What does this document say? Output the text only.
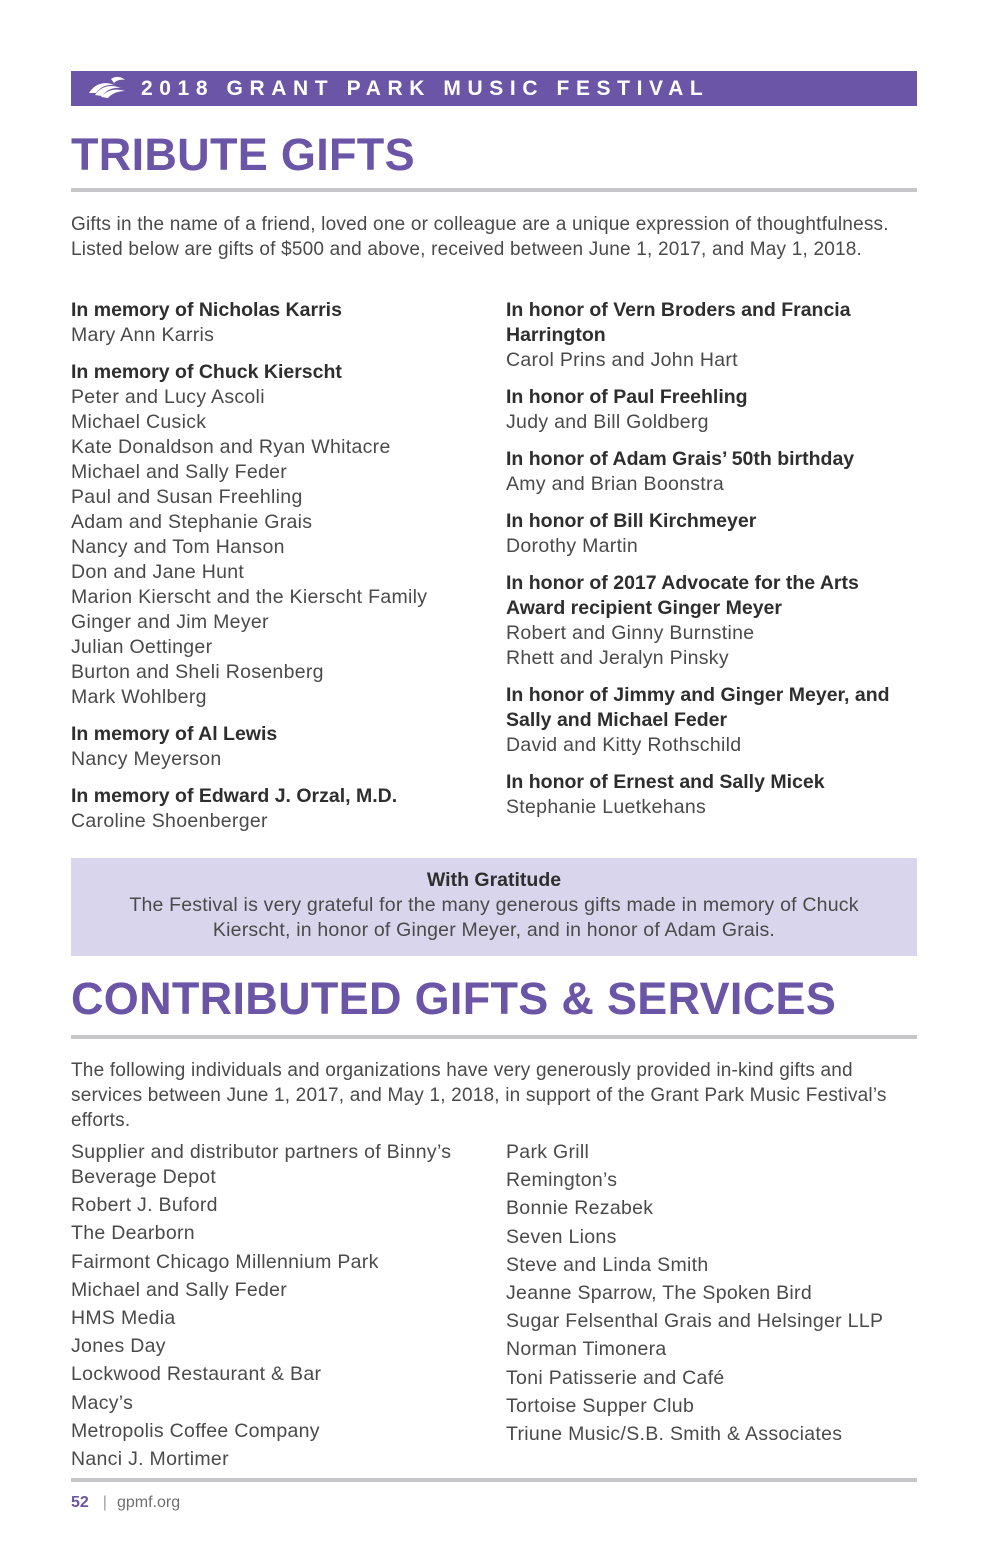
2018 GRANT PARK MUSIC FESTIVAL
TRIBUTE GIFTS
Gifts in the name of a friend, loved one or colleague are a unique expression of thoughtfulness. Listed below are gifts of $500 and above, received between June 1, 2017, and May 1, 2018.
In memory of Nicholas Karris
Mary Ann Karris
In memory of Chuck Kierscht
Peter and Lucy Ascoli
Michael Cusick
Kate Donaldson and Ryan Whitacre
Michael and Sally Feder
Paul and Susan Freehling
Adam and Stephanie Grais
Nancy and Tom Hanson
Don and Jane Hunt
Marion Kierscht and the Kierscht Family
Ginger and Jim Meyer
Julian Oettinger
Burton and Sheli Rosenberg
Mark Wohlberg
In memory of Al Lewis
Nancy Meyerson
In memory of Edward J. Orzal, M.D.
Caroline Shoenberger
In honor of Vern Broders and Francia Harrington
Carol Prins and John Hart
In honor of Paul Freehling
Judy and Bill Goldberg
In honor of Adam Grais’ 50th birthday
Amy and Brian Boonstra
In honor of Bill Kirchmeyer
Dorothy Martin
In honor of 2017 Advocate for the Arts Award recipient Ginger Meyer
Robert and Ginny Burnstine
Rhett and Jeralyn Pinsky
In honor of Jimmy and Ginger Meyer, and Sally and Michael Feder
David and Kitty Rothschild
In honor of Ernest and Sally Micek
Stephanie Luetkehans
With Gratitude
The Festival is very grateful for the many generous gifts made in memory of Chuck Kierscht, in honor of Ginger Meyer, and in honor of Adam Grais.
CONTRIBUTED GIFTS & SERVICES
The following individuals and organizations have very generously provided in-kind gifts and services between June 1, 2017, and May 1, 2018, in support of the Grant Park Music Festival’s efforts.
Supplier and distributor partners of Binny’s Beverage Depot
Robert J. Buford
The Dearborn
Fairmont Chicago Millennium Park
Michael and Sally Feder
HMS Media
Jones Day
Lockwood Restaurant & Bar
Macy’s
Metropolis Coffee Company
Nanci J. Mortimer
Park Grill
Remington’s
Bonnie Rezabek
Seven Lions
Steve and Linda Smith
Jeanne Sparrow, The Spoken Bird
Sugar Felsenthal Grais and Helsinger LLP
Norman Timonera
Toni Patisserie and Café
Tortoise Supper Club
Triune Music/S.B. Smith & Associates
52 | gpmf.org
